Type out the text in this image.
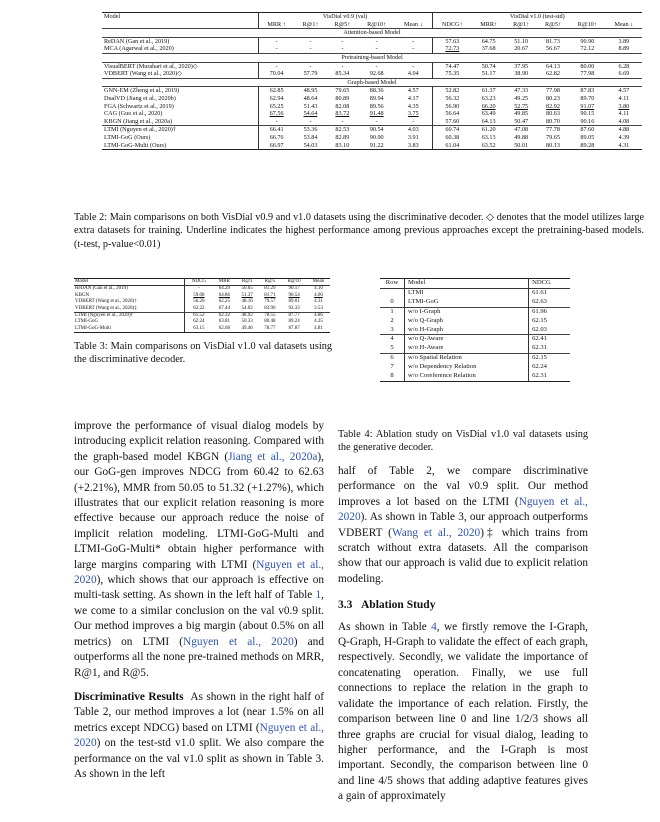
Model	VisDial v0.9 (val)					VisDial v1.0 (test-std)					
	MRR ↑	R@1↑	R@5↑	R@10↑	Mean ↓	NDCG↑	MRR↑	R@1↑	R@5↑	R@10↑	Mean ↓
Attention-based Model											
ReDAN (Gan et al., 2019)	-	-	-	-	-	57.63	64.75	51.10	81.73	90.90	3.89
MCA (Agarwal et al., 2020)	-	-	-	-	-	72.73	37.68	20.67	56.67	72.12	8.89
Pretraining-based Model											
VisualBERT (Murahari et al., 2020)◇	-	-	-	-	-	74.47	50.74	37.95	64.13	80.00	6.28
VDBERT (Wang et al., 2020)◇	70.04	57.79	85.34	92.68	4.04	75.35	51.17	38.90	62.82	77.98	6.69
Graph-based Model											
GNN-EM (Zheng et al., 2019)	62.85	48.95	79.65	88.36	4.57	52.82	61.37	47.33	77.98	87.83	4.57
DualVD (Jiang et al., 2020b)	62.94	48.64	80.89	89.94	4.17	56.32	63.23	49.25	80.23	89.70	4.11
FGA (Schwartz et al., 2019)	65.25	51.43	82.08	89.56	4.35	56.90	66.20	52.75	82.92	91.07	3.80
CAG (Guo et al., 2020)	67.56	54.64	83.72	91.48	3.75	56.64	63.49	49.85	80.63	90.15	4.11
KBGN (Jiang et al., 2020a)	-	-	-	-	-	57.60	64.13	50.47	80.70	90.16	4.08
LTMI (Nguyen et al., 2020)†	66.41	53.36	82.53	90.54	4.03	60.74	61.20	47.08	77.78	87.60	4.88
LTMI-GoG (Ours)	66.76	53.84	82.89	90.90	3.91	60.38	63.13	49.88	79.65	89.05	4.39
LTMI-GoG-Multi (Ours)	66.97	54.03	83.10	91.22	3.83	61.04	63.52	50.01	80.13	89.28	4.31
Table 2: Main comparisons on both VisDial v0.9 and v1.0 datasets using the discriminative decoder. ◇ denotes that the model utilizes large extra datasets for training. Underline indicates the highest performance among previous approaches except the pretraining-based models. (t-test, p-value<0.01)
Model	NDCG	MRR	R@1	R@5	R@10	Mean
ReDAN (Gan et al., 2019)	-	64.29	50.65	81.29	90.17	4.10
KBGN	59.08	64.86	51.37	81.71	90.54	4.00
VDBERT (Wang et al., 2020)†	56.20	62.25	48.16	79.57	89.01	4.31
VDBERT (Wang et al., 2020)‡	63.22	67.44	54.02	83.96	92.33	3.53
LTMI (Nguyen et al., 2020)†	61.52	62.32	48.92	78.55	87.77	4.86
LTMI-GoG	62.24	63.81	50.33	80.48	89.24	4.35
LTMI-GoG-Multi	63.15	62.68	49.46	78.77	87.87	4.81
Table 3: Main comparisons on VisDial v1.0 val datasets using the discriminative decoder.
Row	Model	NDCG
	LTMI	61.61
0	LTMI-GoG	62.63
1	w/o I-Graph	61.96
2	w/o Q-Graph	62.15
3	w/o H-Graph	62.03
4	w/o Q-Aware	62.41
5	w/o H-Aware	62.31
6	w/o Spatial Relation	62.15
7	w/o Dependency Relation	62.24
8	w/o Coreference Relation	62.31
Table 4: Ablation study on VisDial v1.0 val datasets using the generative decoder.

improve the performance of visual dialog models by introducing explicit relation reasoning. Compared with the graph-based model KBGN (Jiang et al., 2020a), our GoG-gen improves NDCG from 60.42 to 62.63 (+2.21%), MMR from 50.05 to 51.32 (+1.27%), which illustrates that our explicit relation reasoning is more effective because our approach reduce the noise of implicit relation modeling. LTMI-GoG-Multi and LTMI-GoG-Multi* obtain higher performance with large margins comparing with LTMI (Nguyen et al., 2020), which shows that our approach is effective on multi-task setting. As shown in the left half of Table 1, we come to a similar conclusion on the val v0.9 split. Our method improves a big margin (about 0.5% on all metrics) on LTMI (Nguyen et al., 2020) and outperforms all the none pre-trained methods on MRR, R@1, and R@5.

Discriminative Results As shown in the right half of Table 2, our method improves a lot (near 1.5% on all metrics except NDCG) based on LTMI (Nguyen et al., 2020) on the test-std v1.0 split. We also compare the performance on the val v1.0 split as shown in Table 3. As shown in the left

half of Table 2, we compare discriminative performance on the val v0.9 split. Our method improves a lot based on the LTMI (Nguyen et al., 2020). As shown in Table 3, our approach outperforms VDBERT (Wang et al., 2020)‡ which trains from scratch without extra datasets. All the comparison show that our approach is valid due to explicit relation modeling.

3.3 Ablation Study

As shown in Table 4, we firstly remove the I-Graph, Q-Graph, H-Graph to validate the effect of each graph, respectively. Secondly, we validate the importance of concatenating operation. Finally, we use full connections to replace the relation in the graph to validate the importance of each relation. Firstly, the comparison between line 0 and line 1/2/3 shows all three graphs are crucial for visual dialog, leading to higher performance, and the I-Graph is most important. Secondly, the comparison between line 0 and line 4/5 shows that adding adaptive features gives a gain of approximately
